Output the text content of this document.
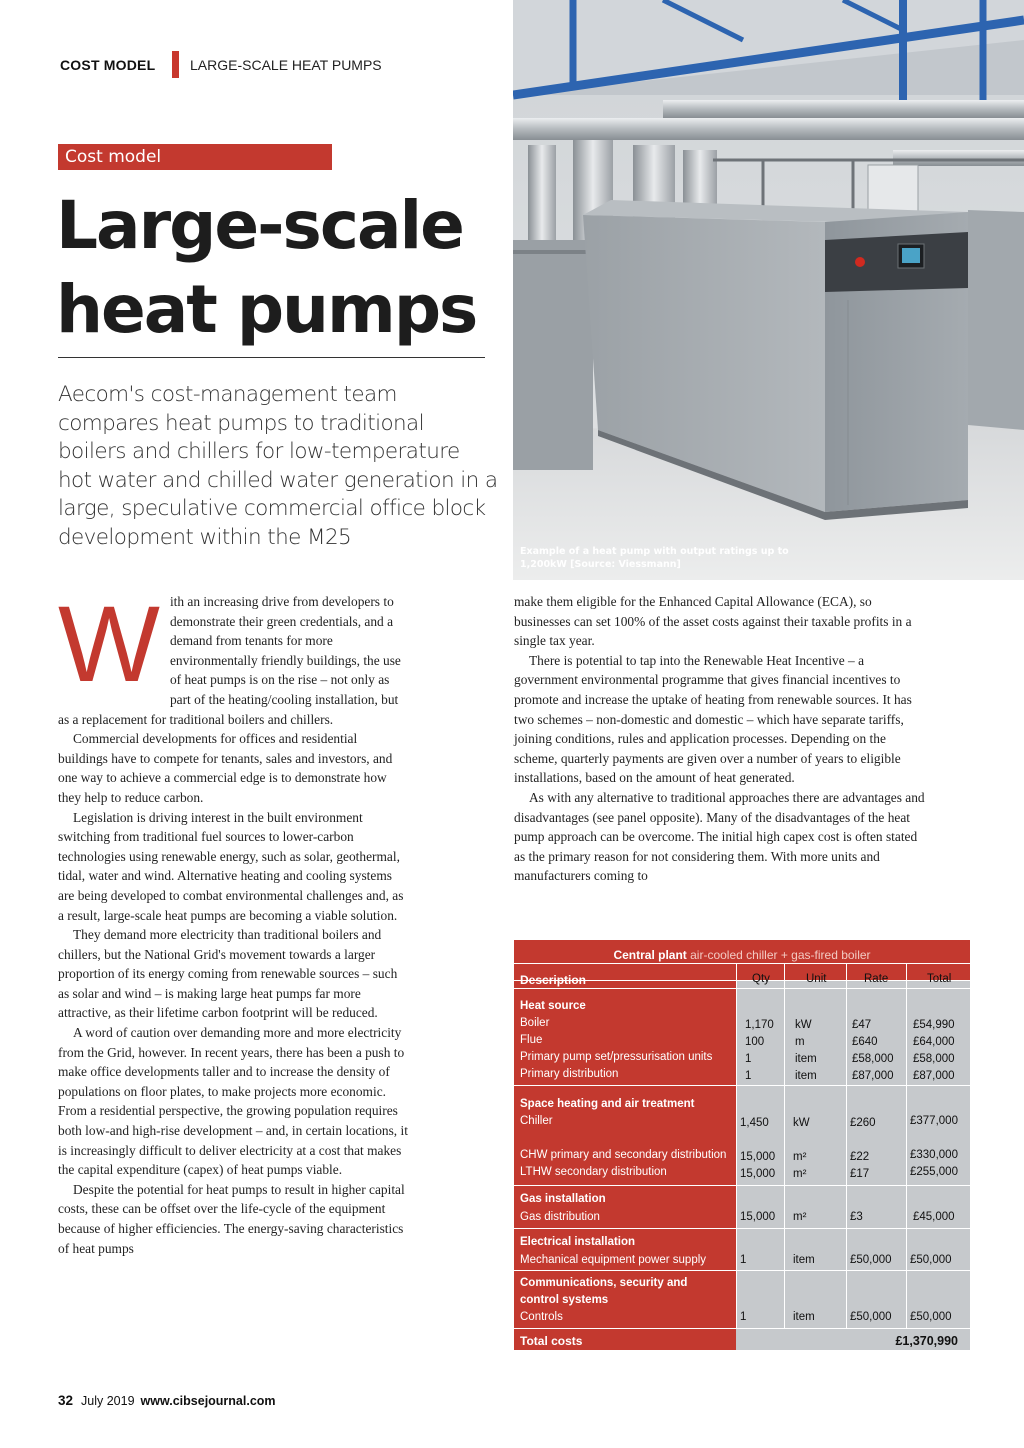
COST MODEL LARGE-SCALE HEAT PUMPS
Cost model
Large-scale
heat pumps
Aecom's cost-management team compares heat pumps to traditional boilers and chillers for low-temperature hot water and chilled water generation in a large, speculative commercial office block development within the M25
Example of a heat pump with output ratings up to
1,200kW [Source: Viessmann]
W	ith an increasing drive from developers to demonstrate their green credentials, and a demand from tenants for more environmentally friendly buildings, the use of heat pumps is on the rise – not only as part of the heating/cooling installation, but as a replacement for traditional boilers and chillers.

Commercial developments for offices and residential buildings have to compete for tenants, sales and investors, and one way to achieve a commercial edge is to demonstrate how they help to reduce carbon.

Legislation is driving interest in the built environment switching from traditional fuel sources to lower-carbon technologies using renewable energy, such as solar, geothermal, tidal, water and wind. Alternative heating and cooling systems are being developed to combat environmental challenges and, as a result, large-scale heat pumps are becoming a viable solution.

They demand more electricity than traditional boilers and chillers, but the National Grid's movement towards a larger proportion of its energy coming from renewable sources – such as solar and wind – is making large heat pumps far more attractive, as their lifetime carbon footprint will be reduced.

A word of caution over demanding more and more electricity from the Grid, however. In recent years, there has been a push to make office developments taller and to increase the density of populations on floor plates, to make projects more economic. From a residential perspective, the growing population requires both low-and high-rise development – and, in certain locations, it is increasingly difficult to deliver electricity at a cost that makes the capital expenditure (capex) of heat pumps viable.

Despite the potential for heat pumps to result in higher capital costs, these can be offset over the life-cycle of the equipment because of higher efficiencies. The energy-saving characteristics of heat pumps

make them eligible for the Enhanced Capital Allowance (ECA), so businesses can set 100% of the asset costs against their taxable profits in a single tax year.

There is potential to tap into the Renewable Heat Incentive – a government environmental programme that gives financial incentives to promote and increase the uptake of heating from renewable sources. It has two schemes – non-domestic and domestic – which have separate tariffs, joining conditions, rules and application processes. Depending on the scheme, quarterly payments are given over a number of years to eligible installations, based on the amount of heat generated.

As with any alternative to traditional approaches there are advantages and disadvantages (see panel opposite). Many of the disadvantages of the heat pump approach can be overcome. The initial high capex cost is often stated as the primary reason for not considering them. With more units and manufacturers coming to

Central plant air-cooled chiller + gas-fired boiler
Description	Qty	Unit	Rate	Total
Heat source
Boiler	1,170 kW	£47	£54,990
Flue	100	m	£640	£64,000
Primary pump set/pressurisation units	1	item	£58,000 £58,000
Primary distribution	1	item	£87,000 £87,000
Space heating and air treatment
Chiller	1,450 kW	£260	£377,000
CHW primary and secondary distribution 15,000 m²	£22	£330,000
LTHW secondary distribution	15,000 m²	£17	£255,000
Gas installation
Gas distribution	15,000 m²	£3	£45,000
Electrical installation
Mechanical equipment power supply	1	item	£50,000 £50,000
Communications, security and
control systems
Controls	1	item	£50,000 £50,000
Total costs	£1,370,990
32 July 2019 www.cibsejournal.com
